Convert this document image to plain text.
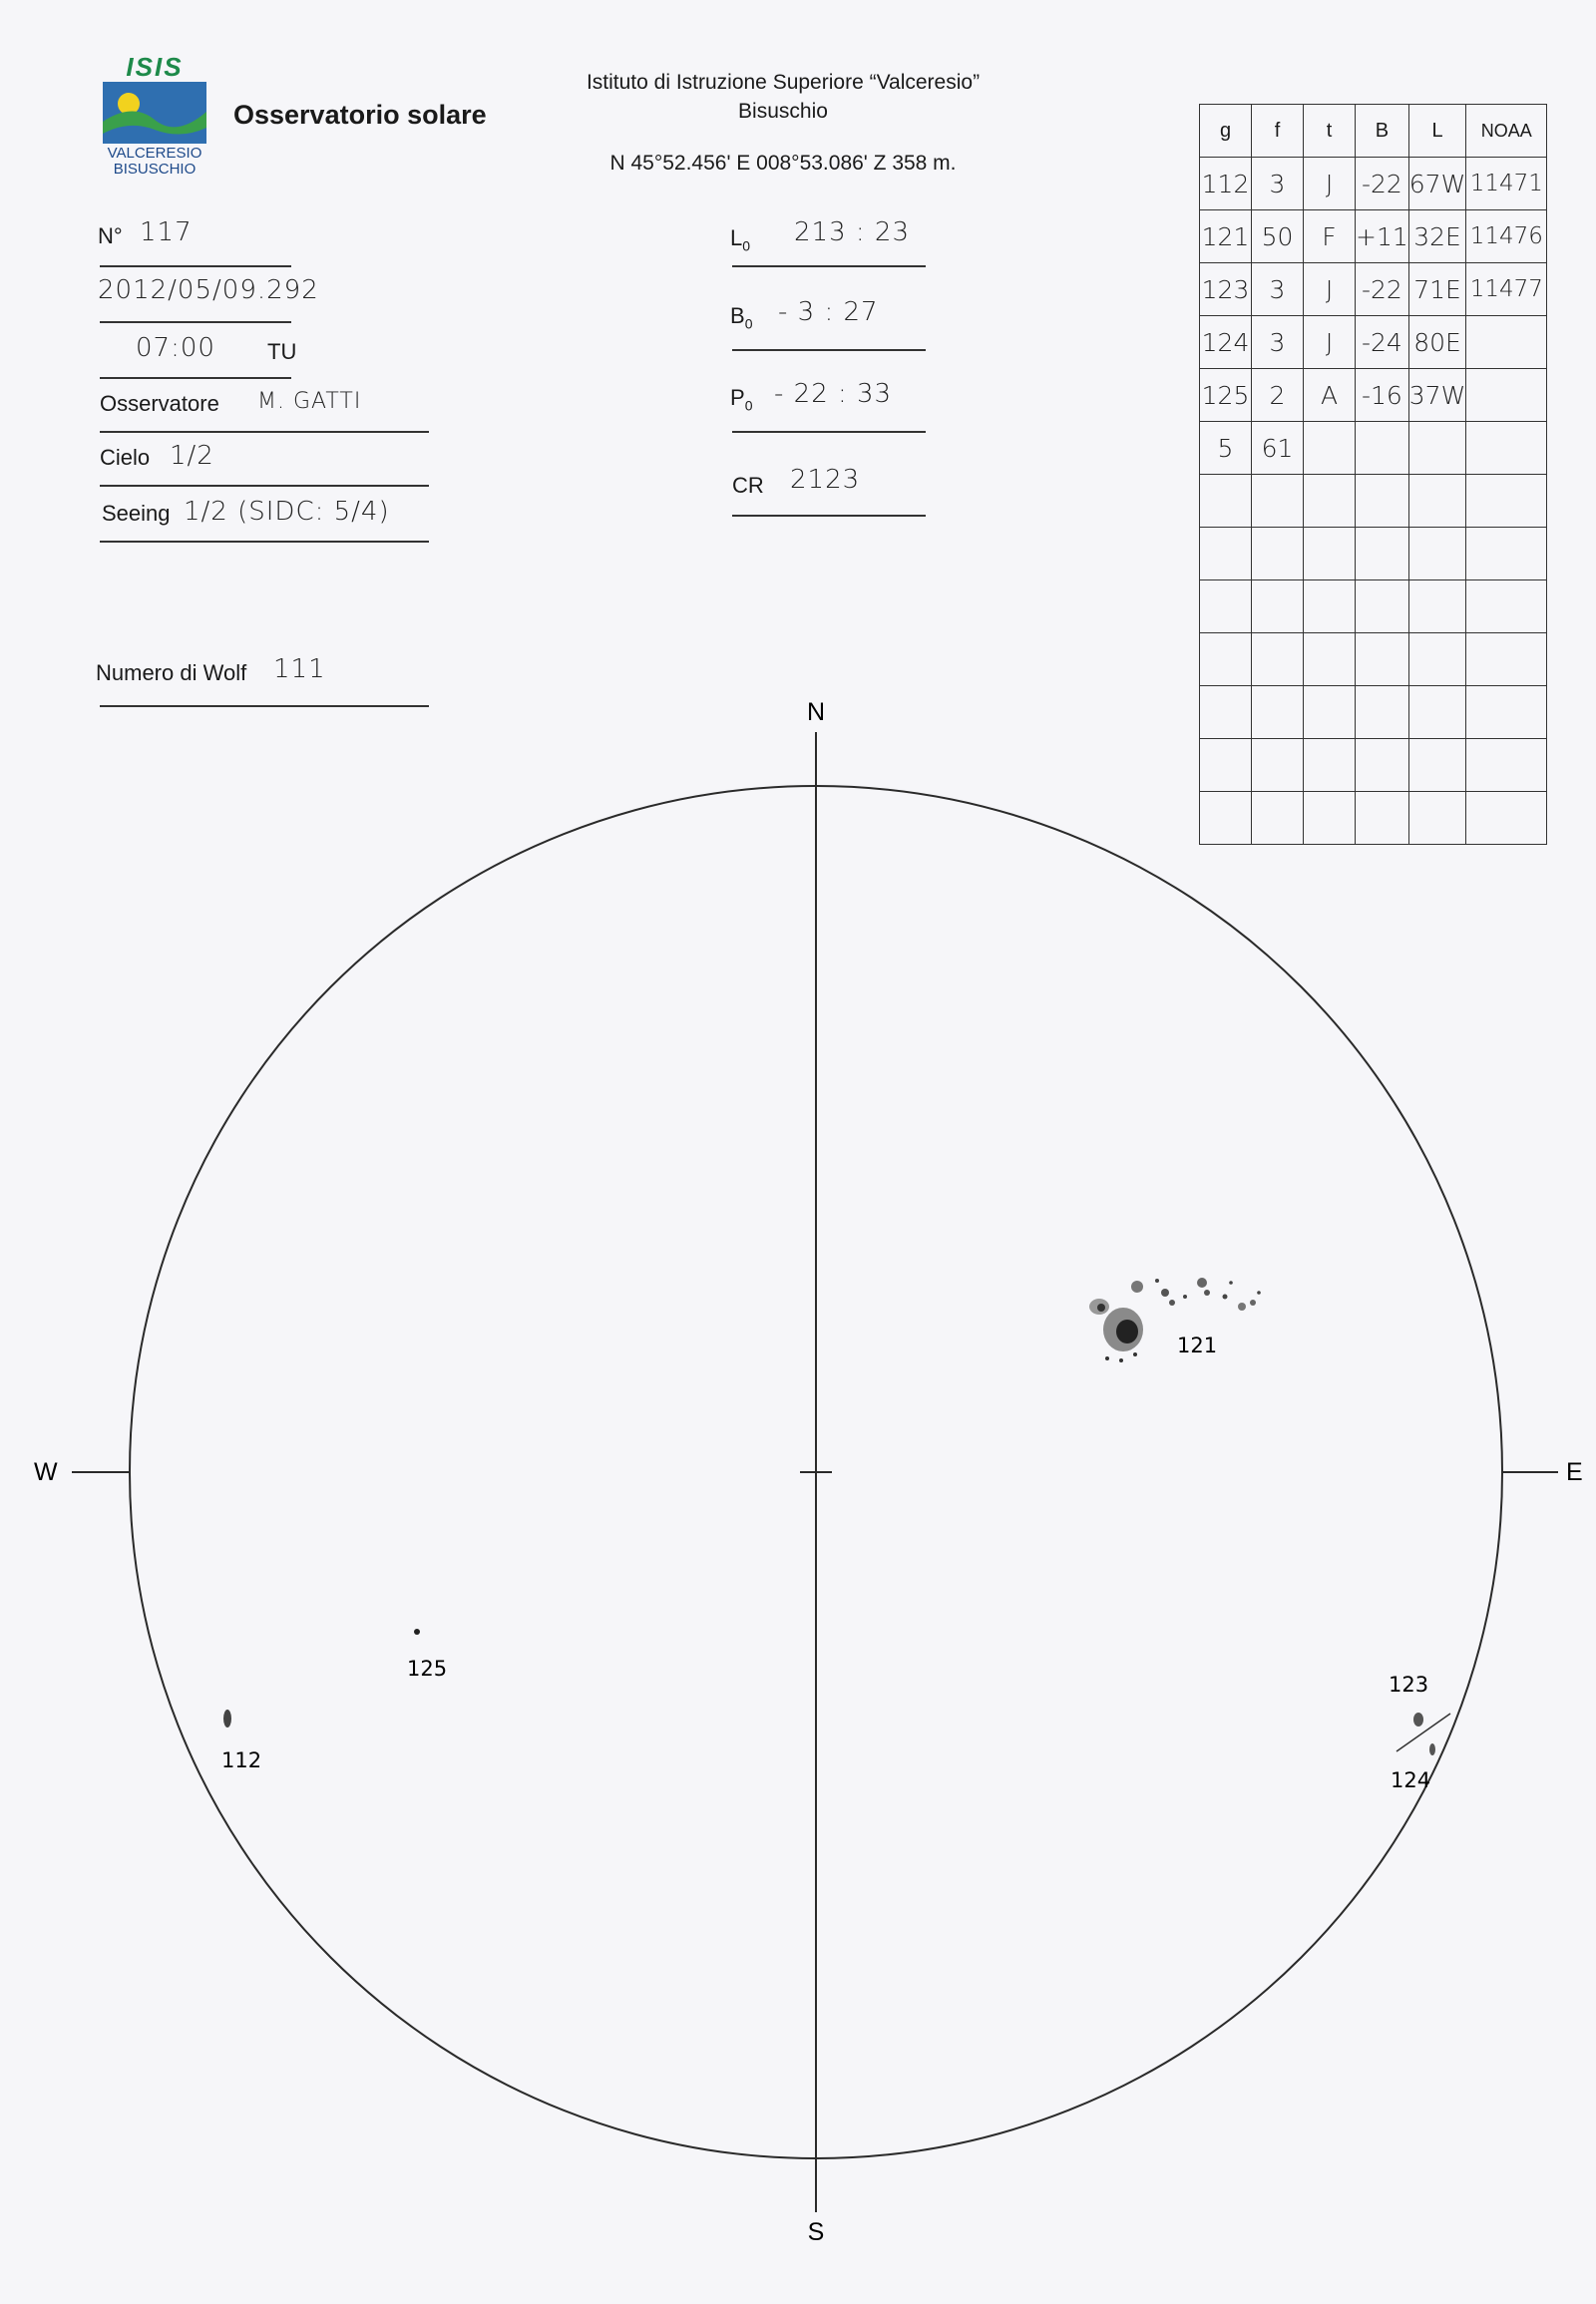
ISIS
VALCERESIO
BISUSCHIO
Osservatorio solare
Istituto di Istruzione Superiore “Valceresio”
Bisuschio
N 45°52.456' E 008°53.086' Z 358 m.
N° 117
2012/05/09.292
07:00 TU
Osservatore M. GATTI
Cielo 1/2
Seeing 1/2 (SIDC: 5/4)
Numero di Wolf 111
$L_0$ 213 : 23
$B_0 - 3$ : 27
$P_0 - 22$ : 33
CR 2123
g	f	t	B	L	NOAA
112	3	J	-22	67W	11471
121	50	F	+11	32E	11476
123	3	J	-22	71E	11477
124	3	J	-24	80E	
125	2	A	-16	37W	
5	61				

N
S
W	E
121
125
112
123
124
